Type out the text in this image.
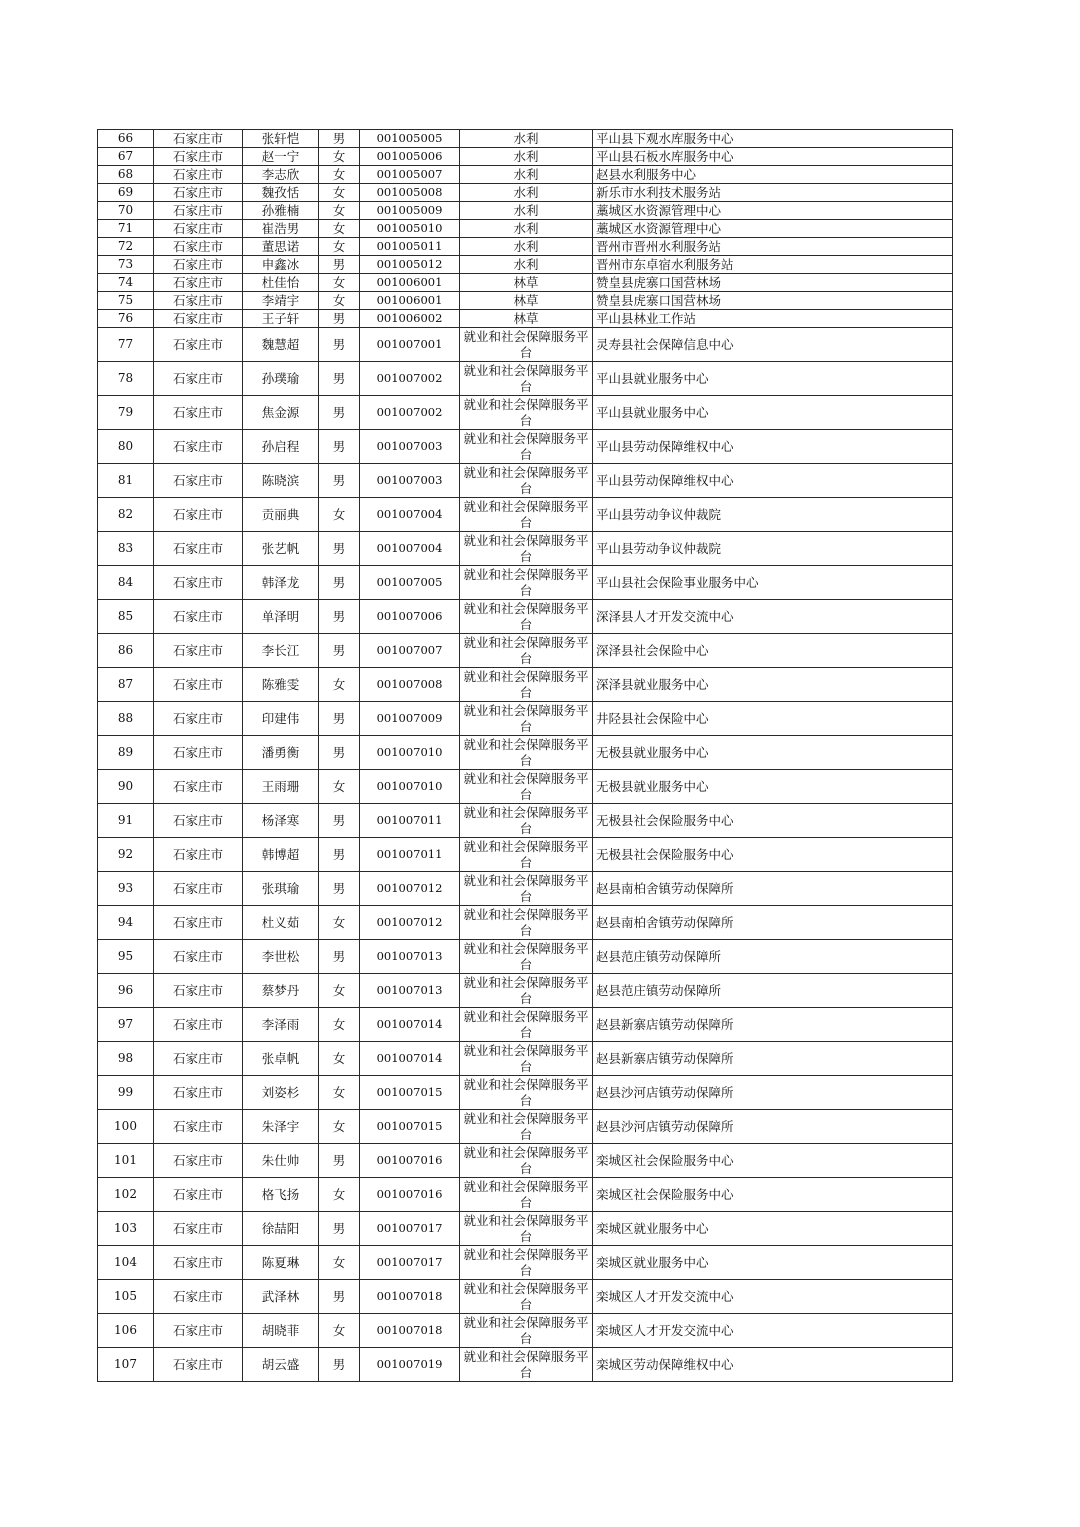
66	石家庄市	张轩恺	男	001005005	水利	平山县下观水库服务中心
67	石家庄市	赵一宁	女	001005006	水利	平山县石板水库服务中心
68	石家庄市	李志欣	女	001005007	水利	赵县水利服务中心
69	石家庄市	魏孜恬	女	001005008	水利	新乐市水利技术服务站
70	石家庄市	孙雅楠	女	001005009	水利	藁城区水资源管理中心
71	石家庄市	崔浩男	女	001005010	水利	藁城区水资源管理中心
72	石家庄市	董思诺	女	001005011	水利	晋州市晋州水利服务站
73	石家庄市	申鑫冰	男	001005012	水利	晋州市东卓宿水利服务站
74	石家庄市	杜佳怡	女	001006001	林草	赞皇县虎寨口国营林场
75	石家庄市	李靖宇	女	001006001	林草	赞皇县虎寨口国营林场
76	石家庄市	王子轩	男	001006002	林草	平山县林业工作站
77	石家庄市	魏慧超	男	001007001	就业和社会保障服务平台	灵寿县社会保障信息中心
78	石家庄市	孙璞瑜	男	001007002	就业和社会保障服务平台	平山县就业服务中心
79	石家庄市	焦金源	男	001007002	就业和社会保障服务平台	平山县就业服务中心
80	石家庄市	孙启程	男	001007003	就业和社会保障服务平台	平山县劳动保障维权中心
81	石家庄市	陈晓滨	男	001007003	就业和社会保障服务平台	平山县劳动保障维权中心
82	石家庄市	贡丽典	女	001007004	就业和社会保障服务平台	平山县劳动争议仲裁院
83	石家庄市	张艺帆	男	001007004	就业和社会保障服务平台	平山县劳动争议仲裁院
84	石家庄市	韩泽龙	男	001007005	就业和社会保障服务平台	平山县社会保险事业服务中心
85	石家庄市	单泽明	男	001007006	就业和社会保障服务平台	深泽县人才开发交流中心
86	石家庄市	李长江	男	001007007	就业和社会保障服务平台	深泽县社会保险中心
87	石家庄市	陈雅雯	女	001007008	就业和社会保障服务平台	深泽县就业服务中心
88	石家庄市	印建伟	男	001007009	就业和社会保障服务平台	井陉县社会保险中心
89	石家庄市	潘勇衡	男	001007010	就业和社会保障服务平台	无极县就业服务中心
90	石家庄市	王雨珊	女	001007010	就业和社会保障服务平台	无极县就业服务中心
91	石家庄市	杨泽寒	男	001007011	就业和社会保障服务平台	无极县社会保险服务中心
92	石家庄市	韩博超	男	001007011	就业和社会保障服务平台	无极县社会保险服务中心
93	石家庄市	张琪瑜	男	001007012	就业和社会保障服务平台	赵县南柏舍镇劳动保障所
94	石家庄市	杜义茹	女	001007012	就业和社会保障服务平台	赵县南柏舍镇劳动保障所
95	石家庄市	李世松	男	001007013	就业和社会保障服务平台	赵县范庄镇劳动保障所
96	石家庄市	蔡梦丹	女	001007013	就业和社会保障服务平台	赵县范庄镇劳动保障所
97	石家庄市	李泽雨	女	001007014	就业和社会保障服务平台	赵县新寨店镇劳动保障所
98	石家庄市	张卓帆	女	001007014	就业和社会保障服务平台	赵县新寨店镇劳动保障所
99	石家庄市	刘姿杉	女	001007015	就业和社会保障服务平台	赵县沙河店镇劳动保障所
100	石家庄市	朱泽宇	女	001007015	就业和社会保障服务平台	赵县沙河店镇劳动保障所
101	石家庄市	朱仕帅	男	001007016	就业和社会保障服务平台	栾城区社会保险服务中心
102	石家庄市	格飞扬	女	001007016	就业和社会保障服务平台	栾城区社会保险服务中心
103	石家庄市	徐喆阳	男	001007017	就业和社会保障服务平台	栾城区就业服务中心
104	石家庄市	陈夏琳	女	001007017	就业和社会保障服务平台	栾城区就业服务中心
105	石家庄市	武泽林	男	001007018	就业和社会保障服务平台	栾城区人才开发交流中心
106	石家庄市	胡晓菲	女	001007018	就业和社会保障服务平台	栾城区人才开发交流中心
107	石家庄市	胡云盛	男	001007019	就业和社会保障服务平台	栾城区劳动保障维权中心
